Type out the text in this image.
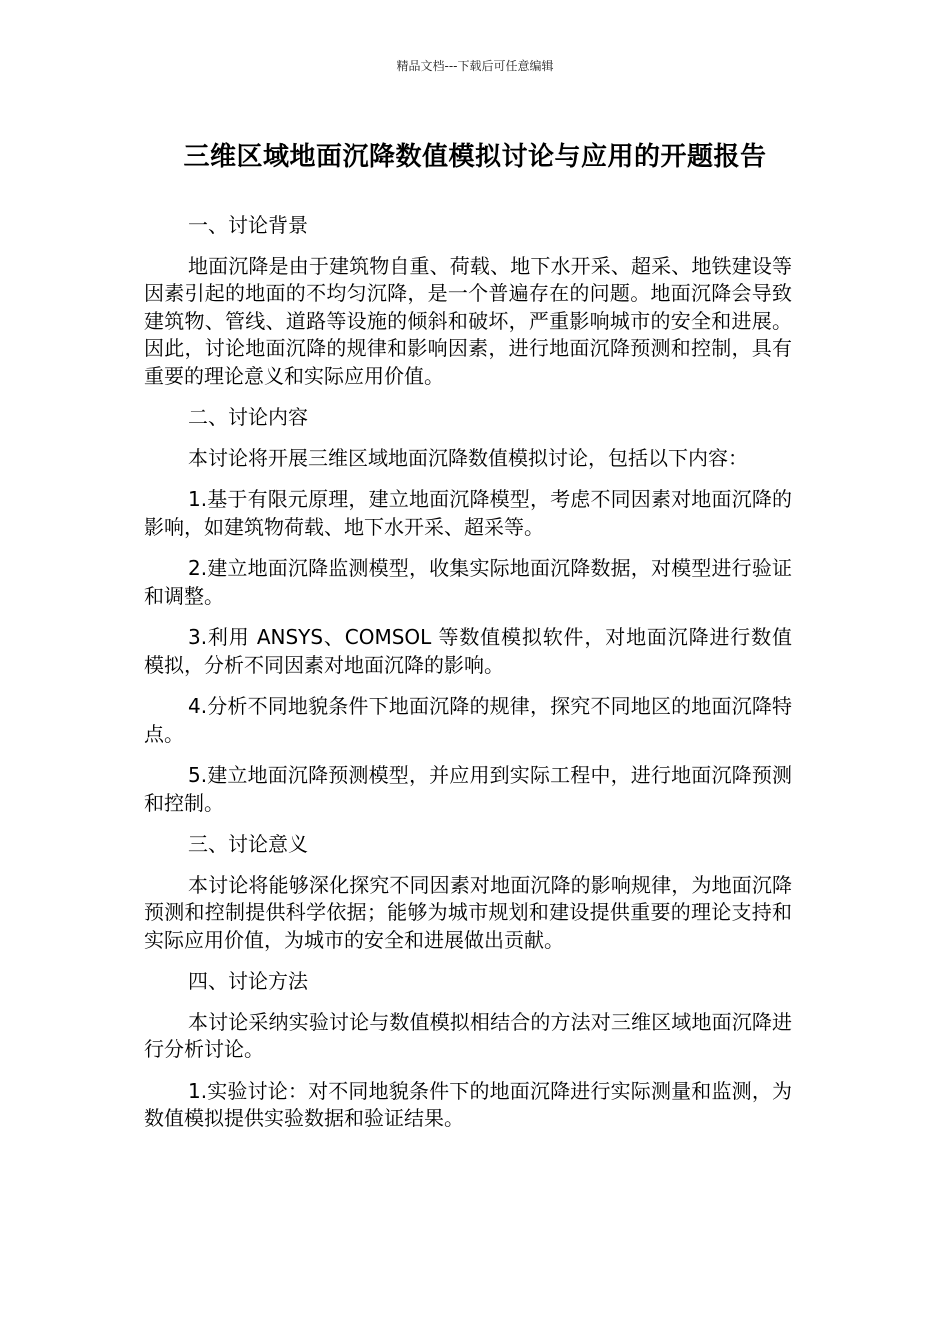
精品文档---下载后可任意编辑
三维区域地面沉降数值模拟讨论与应用的开题报告

一、讨论背景

地面沉降是由于建筑物自重、荷载、地下水开采、超采、地铁建设等因素引起的地面的不均匀沉降，是一个普遍存在的问题。地面沉降会导致建筑物、管线、道路等设施的倾斜和破坏，严重影响城市的安全和进展。因此，讨论地面沉降的规律和影响因素，进行地面沉降预测和控制，具有重要的理论意义和实际应用价值。

二、讨论内容

本讨论将开展三维区域地面沉降数值模拟讨论，包括以下内容：

1.基于有限元原理，建立地面沉降模型，考虑不同因素对地面沉降的影响，如建筑物荷载、地下水开采、超采等。

2.建立地面沉降监测模型，收集实际地面沉降数据，对模型进行验证和调整。

3.利用 ANSYS、COMSOL 等数值模拟软件，对地面沉降进行数值模拟，分析不同因素对地面沉降的影响。

4.分析不同地貌条件下地面沉降的规律，探究不同地区的地面沉降特点。

5.建立地面沉降预测模型，并应用到实际工程中，进行地面沉降预测和控制。

三、讨论意义

本讨论将能够深化探究不同因素对地面沉降的影响规律，为地面沉降预测和控制提供科学依据；能够为城市规划和建设提供重要的理论支持和实际应用价值，为城市的安全和进展做出贡献。

四、讨论方法

本讨论采纳实验讨论与数值模拟相结合的方法对三维区域地面沉降进行分析讨论。

1.实验讨论：对不同地貌条件下的地面沉降进行实际测量和监测，为数值模拟提供实验数据和验证结果。
